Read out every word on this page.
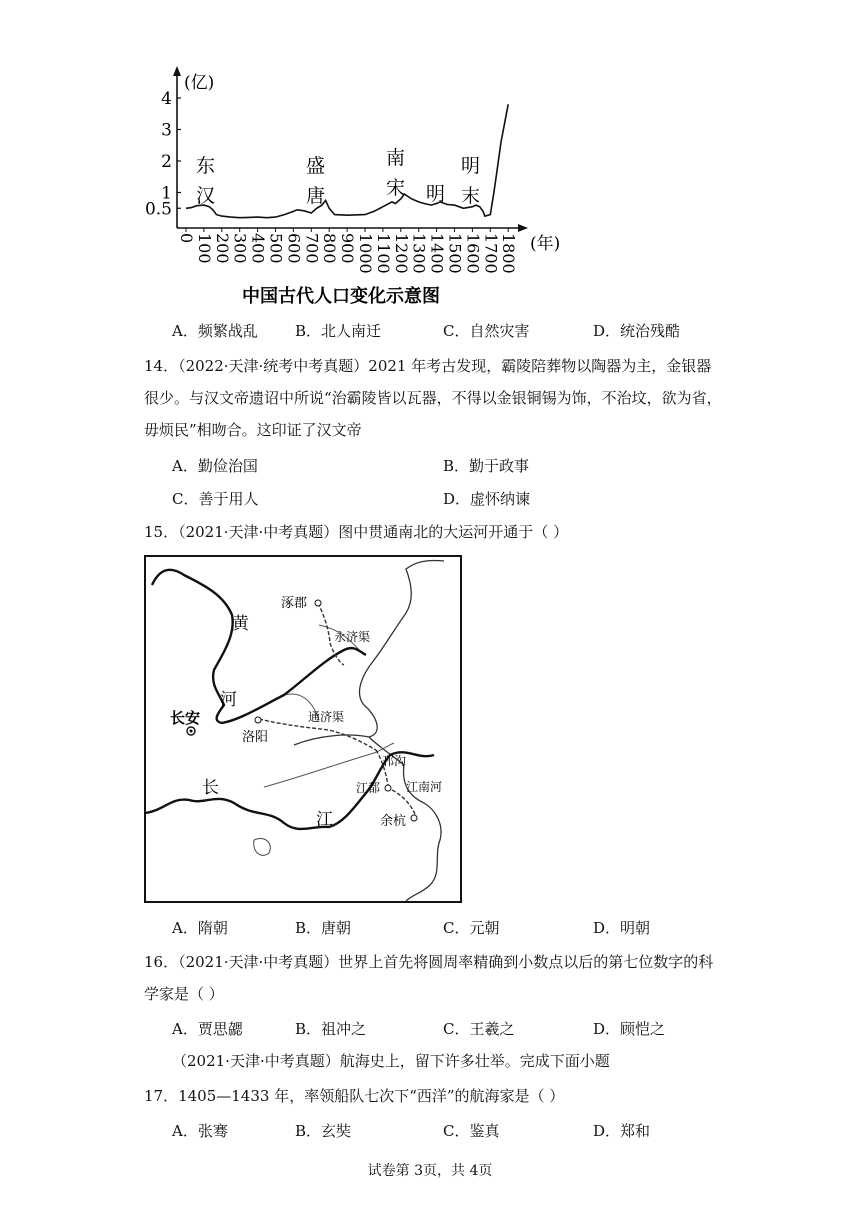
(亿)
(年)
0.5
1
2
3
4
0
100
200
300
400
500
600
700
800
900
1000
1100
1200
1300
1400
1500
1600
1700
1800
东
汉
盛
唐
南
宋 明
明
末
中国古代人口变化示意图
A．频繁战乱 B．北人南迁	C．自然灾害	D．统治残酷
14．（2022·天津·统考中考真题）2021 年考古发现，霸陵陪葬物以陶器为主，金银器很少。与汉文帝遗诏中所说“治霸陵皆以瓦器，不得以金银铜锡为饰，不治坟，欲为省，毋烦民”相吻合。这印证了汉文帝
A．勤俭治国	B．勤于政事
C．善于用人	D．虚怀纳谏
15．（2021·天津·中考真题）图中贯通南北的大运河开通于（ ）
涿郡
永济渠
黄
河
长安
洛阳
通济渠
邗沟
江都 江南河
长
江	余杭
A．隋朝	B．唐朝	C．元朝	D．明朝
16．（2021·天津·中考真题）世界上首先将圆周率精确到小数点以后的第七位数字的科学家是（ ）
A．贾思勰	B．祖冲之	C．王羲之	D．顾恺之
（2021·天津·中考真题）航海史上，留下许多壮举。完成下面小题
17．1405—1433 年，率领船队七次下“西洋”的航海家是（ ）
A．张骞	B．玄奘	C．鉴真	D．郑和
试卷第 3页，共 4页
